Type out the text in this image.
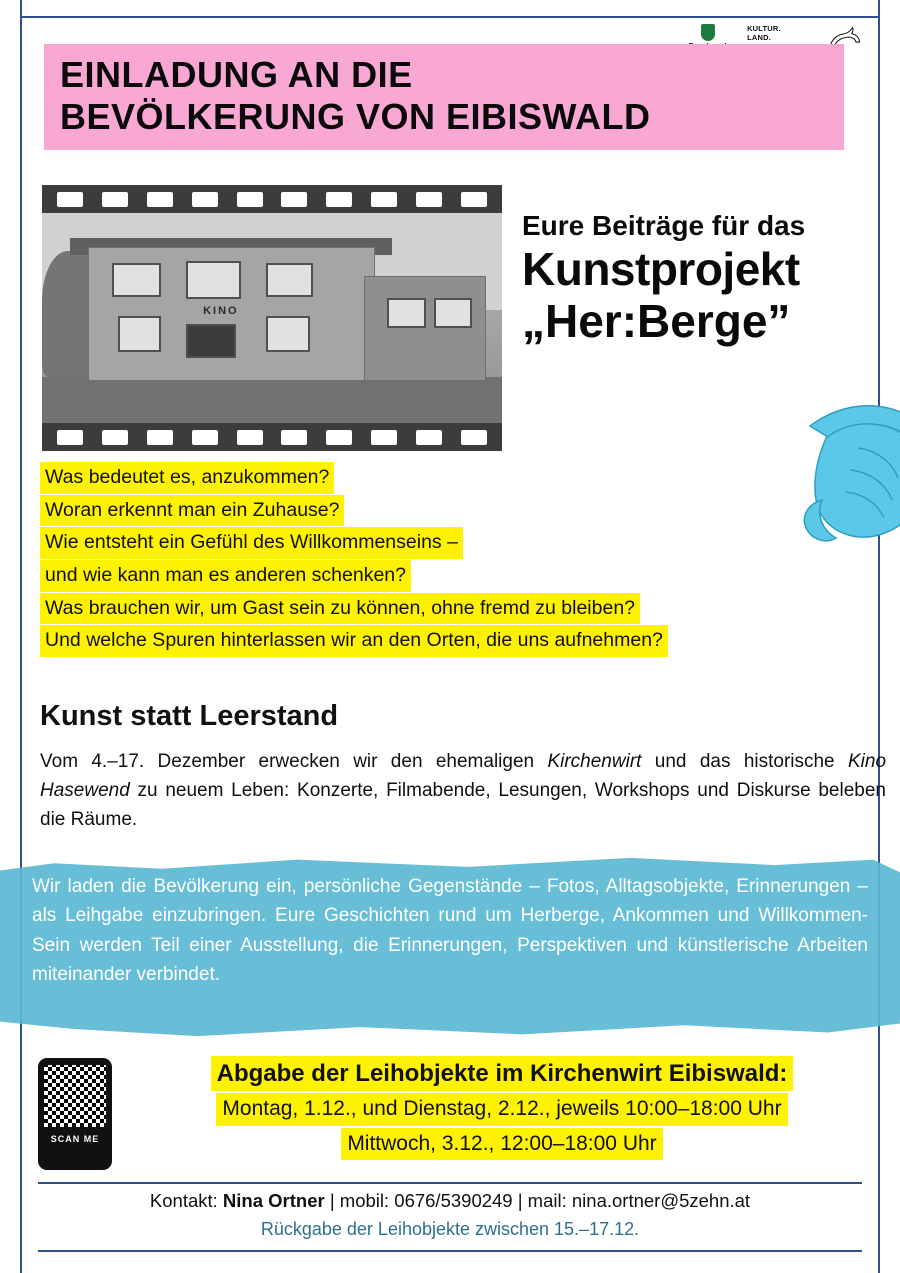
KULTUR.
LAND.
EINLADUNG AN DIE
BEVÖLKERUNG VON EIBISWALD
KINO
Eure Beiträge für das
Kunstprojekt
„Her:Berge”
Was bedeutet es, anzukommen?
Woran erkennt man ein Zuhause?
Wie entsteht ein Gefühl des Willkommenseins –
und wie kann man es anderen schenken?
Was brauchen wir, um Gast sein zu können, ohne fremd zu bleiben?
Und welche Spuren hinterlassen wir an den Orten, die uns aufnehmen?
Kunst statt Leerstand
Vom 4.–17. Dezember erwecken wir den ehemaligen Kirchenwirt und das historische Kino Hasewend zu neuem Leben: Konzerte, Filmabende, Lesungen, Workshops und Diskurse beleben die Räume.
Wir laden die Bevölkerung ein, persönliche Gegenstände – Fotos, Alltagsobjekte, Erinnerungen – als Leihgabe einzubringen. Eure Geschichten rund um Herberge, Ankommen und Willkommen-Sein werden Teil einer Ausstellung, die Erinnerungen, Perspektiven und künstlerische Arbeiten miteinander verbindet.
SCAN ME
Abgabe der Leihobjekte im Kirchenwirt Eibiswald:
Montag, 1.12., und Dienstag, 2.12., jeweils 10:00–18:00 Uhr
Mittwoch, 3.12., 12:00–18:00 Uhr
Kontakt: Nina Ortner | mobil: 0676/5390249 | mail: nina.ortner@5zehn.at
Rückgabe der Leihobjekte zwischen 15.–17.12.
